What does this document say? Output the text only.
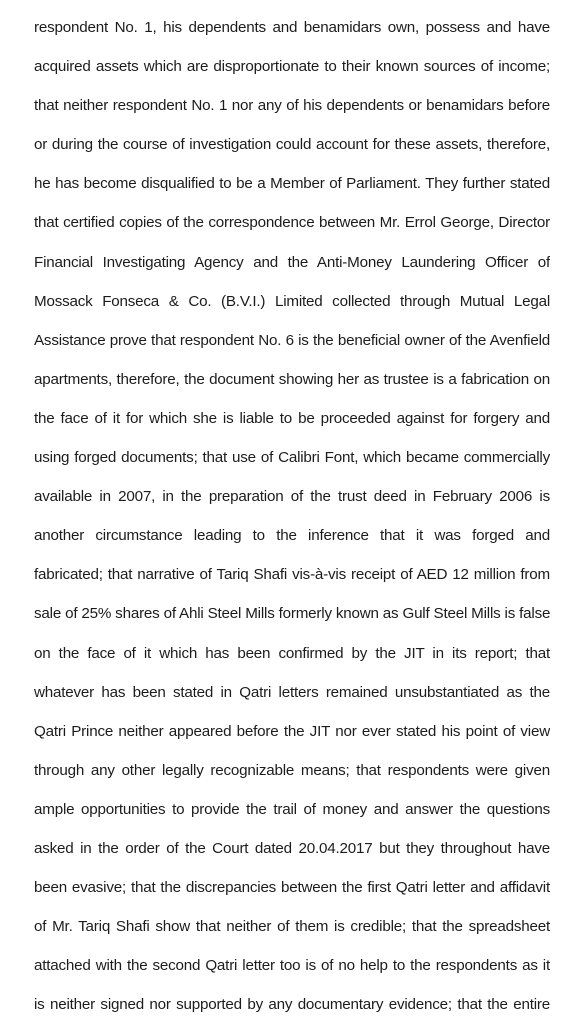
respondent No. 1, his dependents and benamidars own, possess and have
acquired assets which are disproportionate to their known sources of income;
that neither respondent No. 1 nor any of his dependents or benamidars before
or during the course of investigation could account for these assets, therefore,
he has become disqualified to be a Member of Parliament. They further stated
that certified copies of the correspondence between Mr. Errol George, Director
Financial Investigating Agency and the Anti-Money Laundering Officer of
Mossack Fonseca & Co. (B.V.I.) Limited collected through Mutual Legal
Assistance prove that respondent No. 6 is the beneficial owner of the Avenfield
apartments, therefore, the document showing her as trustee is a fabrication on
the face of it for which she is liable to be proceeded against for forgery and
using forged documents; that use of Calibri Font, which became commercially
available in 2007, in the preparation of the trust deed in February 2006 is
another circumstance leading to the inference that it was forged and
fabricated; that narrative of Tariq Shafi vis-à-vis receipt of AED 12 million from
sale of 25% shares of Ahli Steel Mills formerly known as Gulf Steel Mills is false
on the face of it which has been confirmed by the JIT in its report; that
whatever has been stated in Qatri letters remained unsubstantiated as the
Qatri Prince neither appeared before the JIT nor ever stated his point of view
through any other legally recognizable means; that respondents were given
ample opportunities to provide the trail of money and answer the questions
asked in the order of the Court dated 20.04.2017 but they throughout have
been evasive; that the discrepancies between the first Qatri letter and affidavit
of Mr. Tariq Shafi show that neither of them is credible; that the spreadsheet
attached with the second Qatri letter too is of no help to the respondents as it
is neither signed nor supported by any documentary evidence; that the entire
